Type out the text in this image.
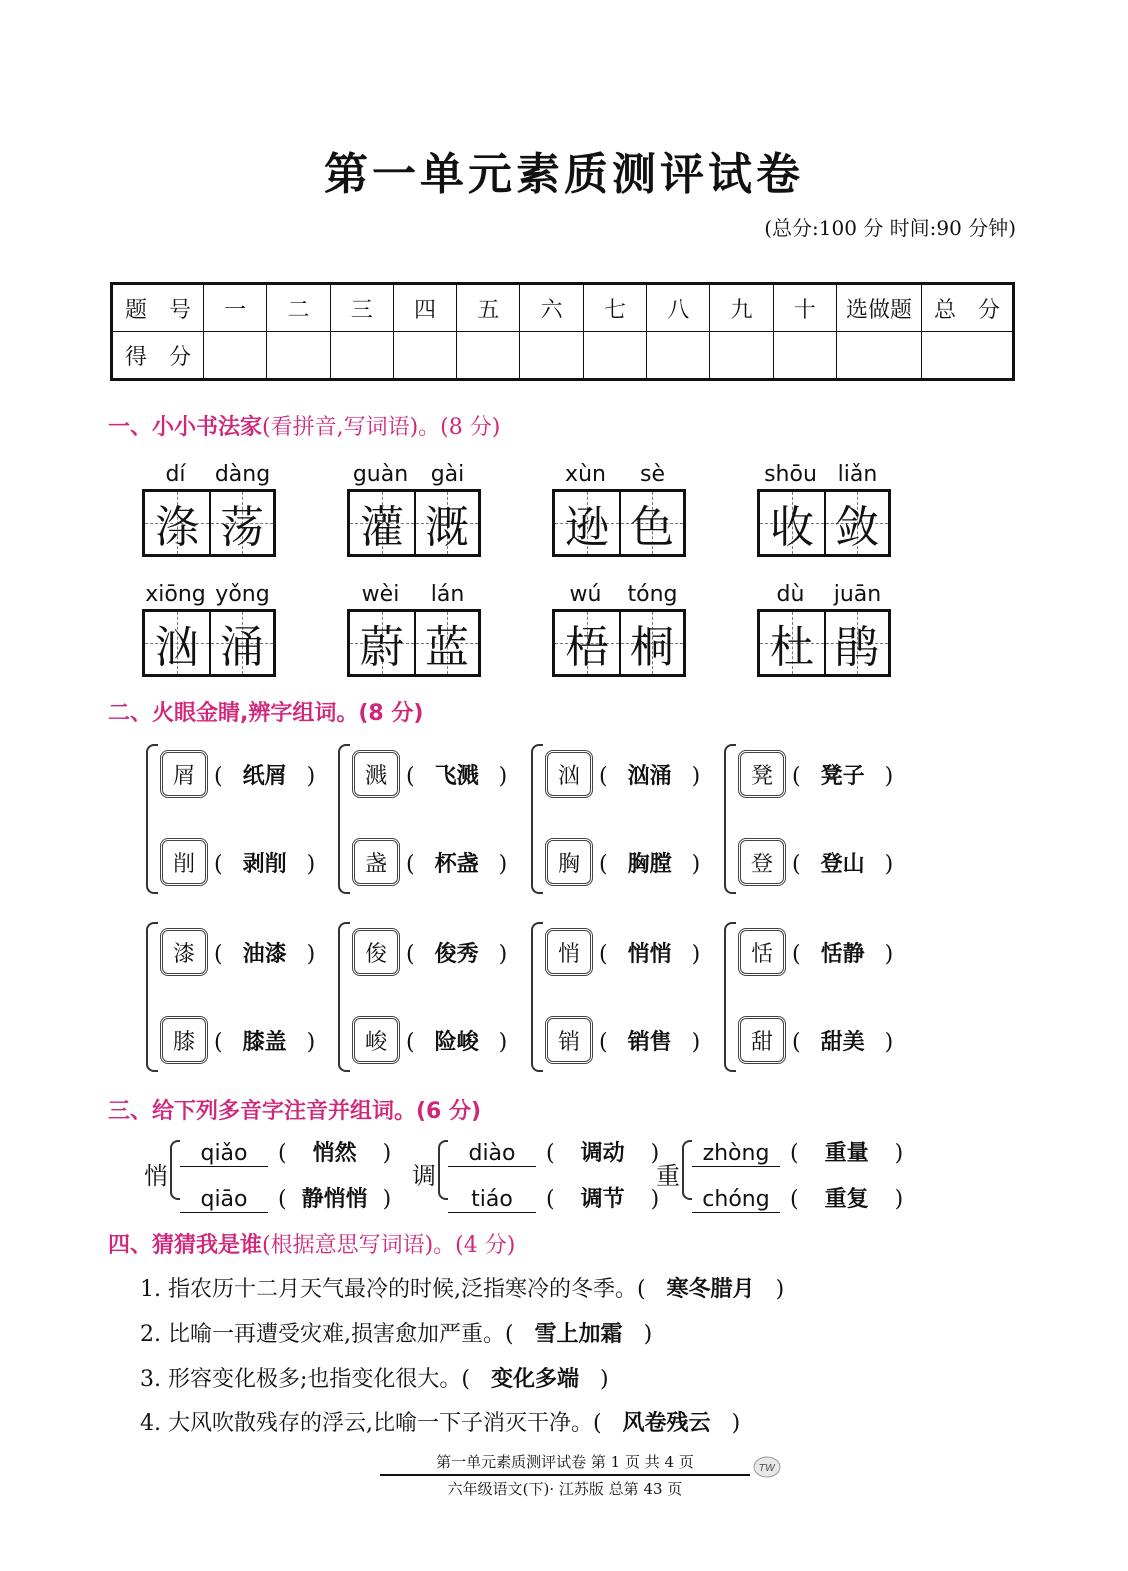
第一单元素质测评试卷
(总分:100 分 时间:90 分钟)
题 号	一	二	三	四	五	六	七	八	九	十	选做题	总 分
得 分												
一、小小书法家(看拼音,写词语)。(8 分)
dí	dàng
涤 荡
guàn	gài
灌 溉
xùn	sè
逊 色
shōu liǎn
收 敛
xiōng yǒng
汹 涌
wèi	lán
蔚 蓝
wú	tóng
梧 桐
dù	juān
杜 鹃
二、火眼金睛,辨字组词。(8 分)
屑 ( 纸屑 )
削 ( 剥削 )
溅 ( 飞溅 )
盏 ( 杯盏 )
汹 ( 汹涌 )
胸 ( 胸膛 )
凳 ( 凳子 )
登 ( 登山 )
漆 ( 油漆 )
膝 ( 膝盖 )
俊 ( 俊秀 )
峻 ( 险峻 )
悄 ( 悄悄 )
销 ( 销售 )
恬 ( 恬静 )
甜 ( 甜美 )
三、给下列多音字注音并组词。(6 分)
悄
qiǎo	( 悄然 )
qiāo	( 静悄悄 )
调
diào	( 调动 )
tiáo	( 调节 )
重
zhòng ( 重量 )
chóng ( 重复 )
四、猜猜我是谁(根据意思写词语)。(4 分)
1. 指农历十二月天气最冷的时候,泛指寒冷的冬季。( 寒冬腊月 )
2. 比喻一再遭受灾难,损害愈加严重。( 雪上加霜 )
3. 形容变化极多;也指变化很大。( 变化多端 )
4. 大风吹散残存的浮云,比喻一下子消灭干净。( 风卷残云 )
第一单元素质测评试卷 第 1 页 共 4 页
六年级语文(下)· 江苏版 总第 43 页
TW
